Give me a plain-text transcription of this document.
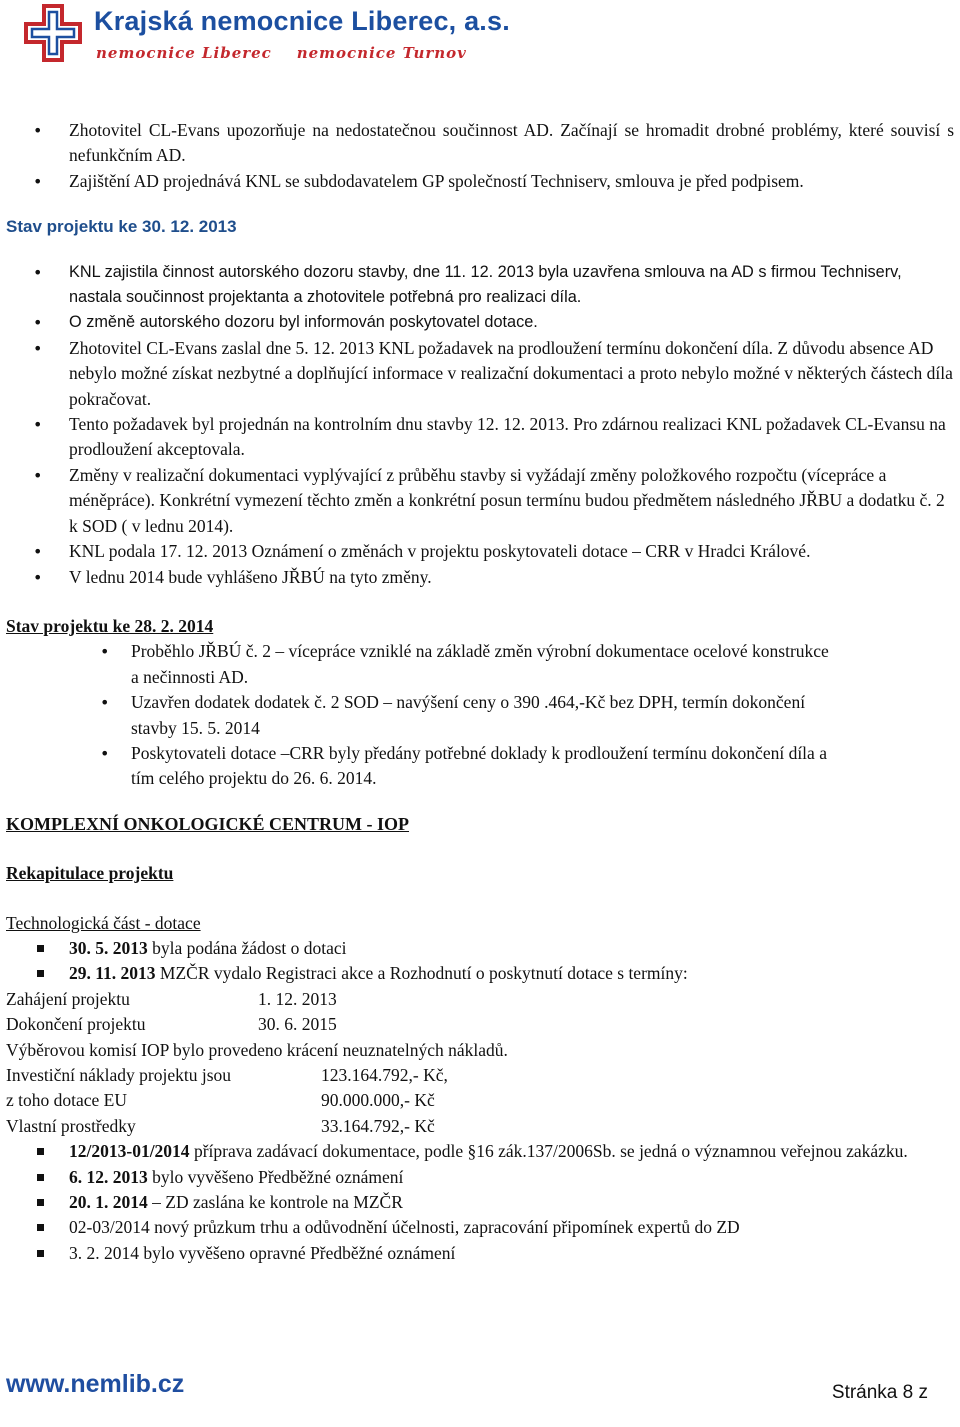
Krajská nemocnice Liberec, a.s.
nemocnice Liberec nemocnice Turnov
• Zhotovitel CL-Evans upozorňuje na nedostatečnou součinnost AD. Začínají se hromadit drobné problémy, které souvisí s nefunkčním AD.
• Zajištění AD projednává KNL se subdodavatelem GP společností Techniserv, smlouva je před podpisem.
Stav projektu ke 30. 12. 2013
• KNL zajistila činnost autorského dozoru stavby, dne 11. 12. 2013 byla uzavřena smlouva na AD s firmou Techniserv, nastala součinnost projektanta a zhotovitele potřebná pro realizaci díla.
• O změně autorského dozoru byl informován poskytovatel dotace.
• Zhotovitel CL-Evans zaslal dne 5. 12. 2013 KNL požadavek na prodloužení termínu dokončení díla. Z důvodu absence AD nebylo možné získat nezbytné a doplňující informace v realizační dokumentaci a proto nebylo možné v některých částech díla pokračovat.
• Tento požadavek byl projednán na kontrolním dnu stavby 12. 12. 2013. Pro zdárnou realizaci KNL požadavek CL-Evansu na prodloužení akceptovala.
• Změny v realizační dokumentaci vyplývající z průběhu stavby si vyžádají změny položkového rozpočtu (vícepráce a méněpráce). Konkrétní vymezení těchto změn a konkrétní posun termínu budou předmětem následného JŘBU a dodatku č. 2 k SOD ( v lednu 2014).
• KNL podala 17. 12. 2013 Oznámení o změnách v projektu poskytovateli dotace – CRR v Hradci Králové.
• V lednu 2014 bude vyhlášeno JŘBÚ na tyto změny.
Stav projektu ke 28. 2. 2014
• Proběhlo JŘBÚ č. 2 – vícepráce vzniklé na základě změn výrobní dokumentace ocelové konstrukce a nečinnosti AD.
• Uzavřen dodatek dodatek č. 2 SOD – navýšení ceny o 390 .464,-Kč bez DPH, termín dokončení stavby 15. 5. 2014
• Poskytovateli dotace –CRR byly předány potřebné doklady k prodloužení termínu dokončení díla a tím celého projektu do 26. 6. 2014.
KOMPLEXNÍ ONKOLOGICKÉ CENTRUM - IOP
Rekapitulace projektu
Technologická část - dotace
30. 5. 2013 byla podána žádost o dotaci
29. 11. 2013 MZČR vydalo Registraci akce a Rozhodnutí o poskytnutí dotace s termíny:
Zahájení projektu	1. 12. 2013
Dokončení projektu	30. 6. 2015
Výběrovou komisí IOP bylo provedeno krácení neuznatelných nákladů.
Investiční náklady projektu jsou	123.164.792,- Kč,
z toho dotace EU	90.000.000,- Kč
Vlastní prostředky	33.164.792,- Kč
12/2013-01/2014 příprava zadávací dokumentace, podle §16 zák.137/2006Sb. se jedná o významnou veřejnou zakázku.
6. 12. 2013 bylo vyvěšeno Předběžné oznámení
20. 1. 2014 – ZD zaslána ke kontrole na MZČR
02-03/2014 nový průzkum trhu a odůvodnění účelnosti, zapracování připomínek expertů do ZD
3. 2. 2014 bylo vyvěšeno opravné Předběžné oznámení
www.nemlib.cz	Stránka 8 z
